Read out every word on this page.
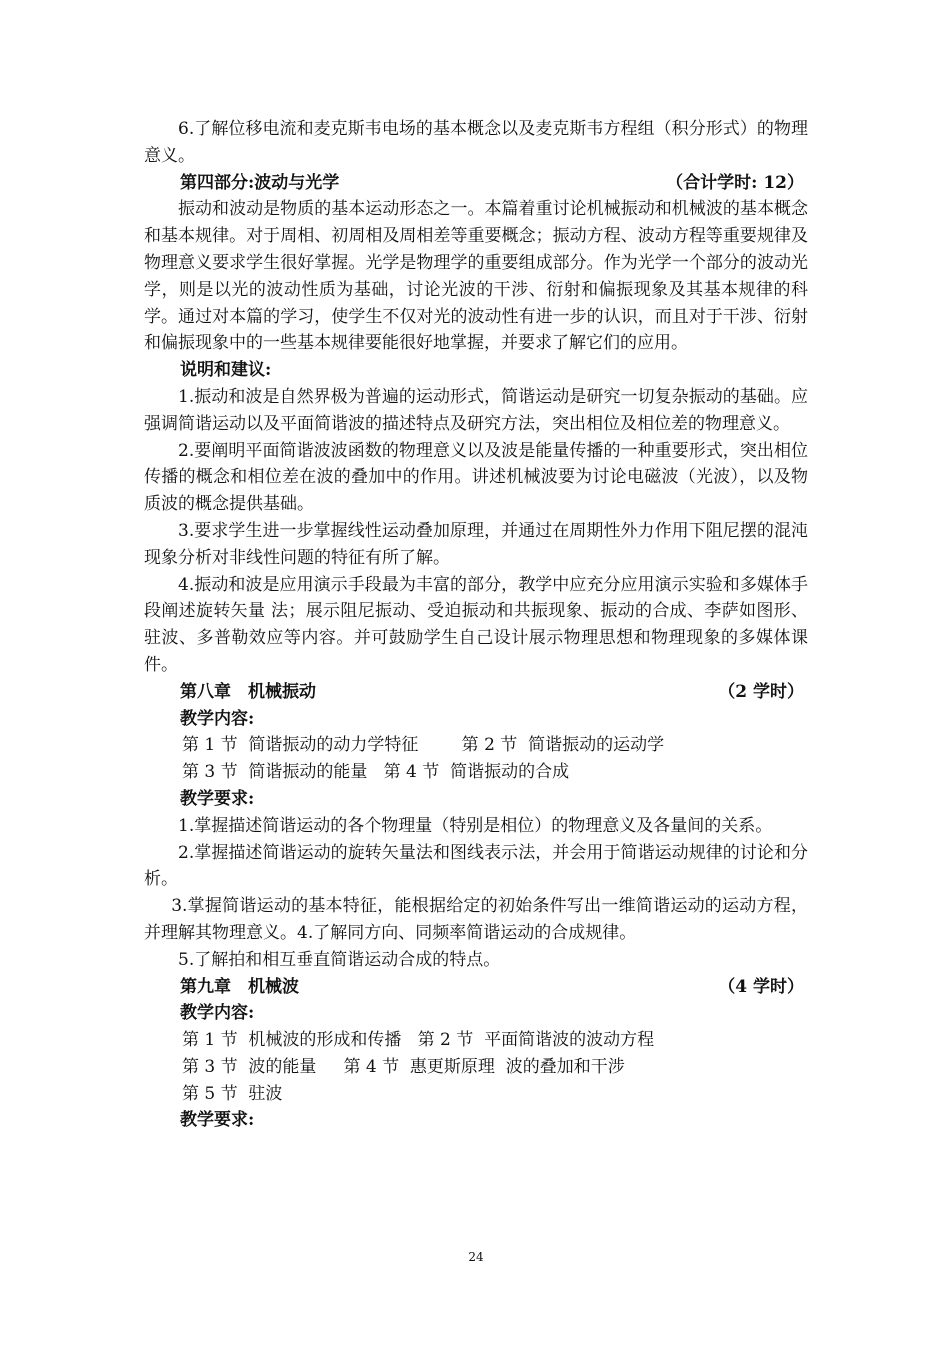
6.了解位移电流和麦克斯韦电场的基本概念以及麦克斯韦方程组（积分形式）的物理意义。

第四部分:波动与光学	（合计学时: 12）

振动和波动是物质的基本运动形态之一。本篇着重讨论机械振动和机械波的基本概念和基本规律。对于周相、初周相及周相差等重要概念；振动方程、波动方程等重要规律及物理意义要求学生很好掌握。光学是物理学的重要组成部分。作为光学一个部分的波动光学，则是以光的波动性质为基础，讨论光波的干涉、衍射和偏振现象及其基本规律的科学。通过对本篇的学习，使学生不仅对光的波动性有进一步的认识，而且对于干涉、衍射和偏振现象中的一些基本规律要能很好地掌握，并要求了解它们的应用。

说明和建议:

1.振动和波是自然界极为普遍的运动形式，简谐运动是研究一切复杂振动的基础。应强调简谐运动以及平面简谐波的描述特点及研究方法，突出相位及相位差的物理意义。

2.要阐明平面简谐波波函数的物理意义以及波是能量传播的一种重要形式，突出相位传播的概念和相位差在波的叠加中的作用。讲述机械波要为讨论电磁波（光波），以及物质波的概念提供基础。

3.要求学生进一步掌握线性运动叠加原理，并通过在周期性外力作用下阻尼摆的混沌现象分析对非线性问题的特征有所了解。

4.振动和波是应用演示手段最为丰富的部分，教学中应充分应用演示实验和多媒体手段阐述旋转矢量 法；展示阻尼振动、受迫振动和共振现象、振动的合成、李萨如图形、驻波、多普勒效应等内容。并可鼓励学生自己设计展示物理思想和物理现象的多媒体课件。

第八章　机械振动	（2 学时）

教学内容:

第 1 节  简谐振动的动力学特征        第 2 节  简谐振动的运动学

第 3 节  简谐振动的能量   第 4 节  简谐振动的合成

教学要求:

1.掌握描述简谐运动的各个物理量（特别是相位）的物理意义及各量间的关系。

2.掌握描述简谐运动的旋转矢量法和图线表示法，并会用于简谐运动规律的讨论和分析。

3.掌握简谐运动的基本特征，能根据给定的初始条件写出一维简谐运动的运动方程，并理解其物理意义。4.了解同方向、同频率简谐运动的合成规律。

5.了解拍和相互垂直简谐运动合成的特点。

第九章　机械波	（4 学时）

教学内容:

第 1 节  机械波的形成和传播   第 2 节  平面简谐波的波动方程

第 3 节  波的能量     第 4 节  惠更斯原理  波的叠加和干涉

第 5 节  驻波

教学要求:

24
